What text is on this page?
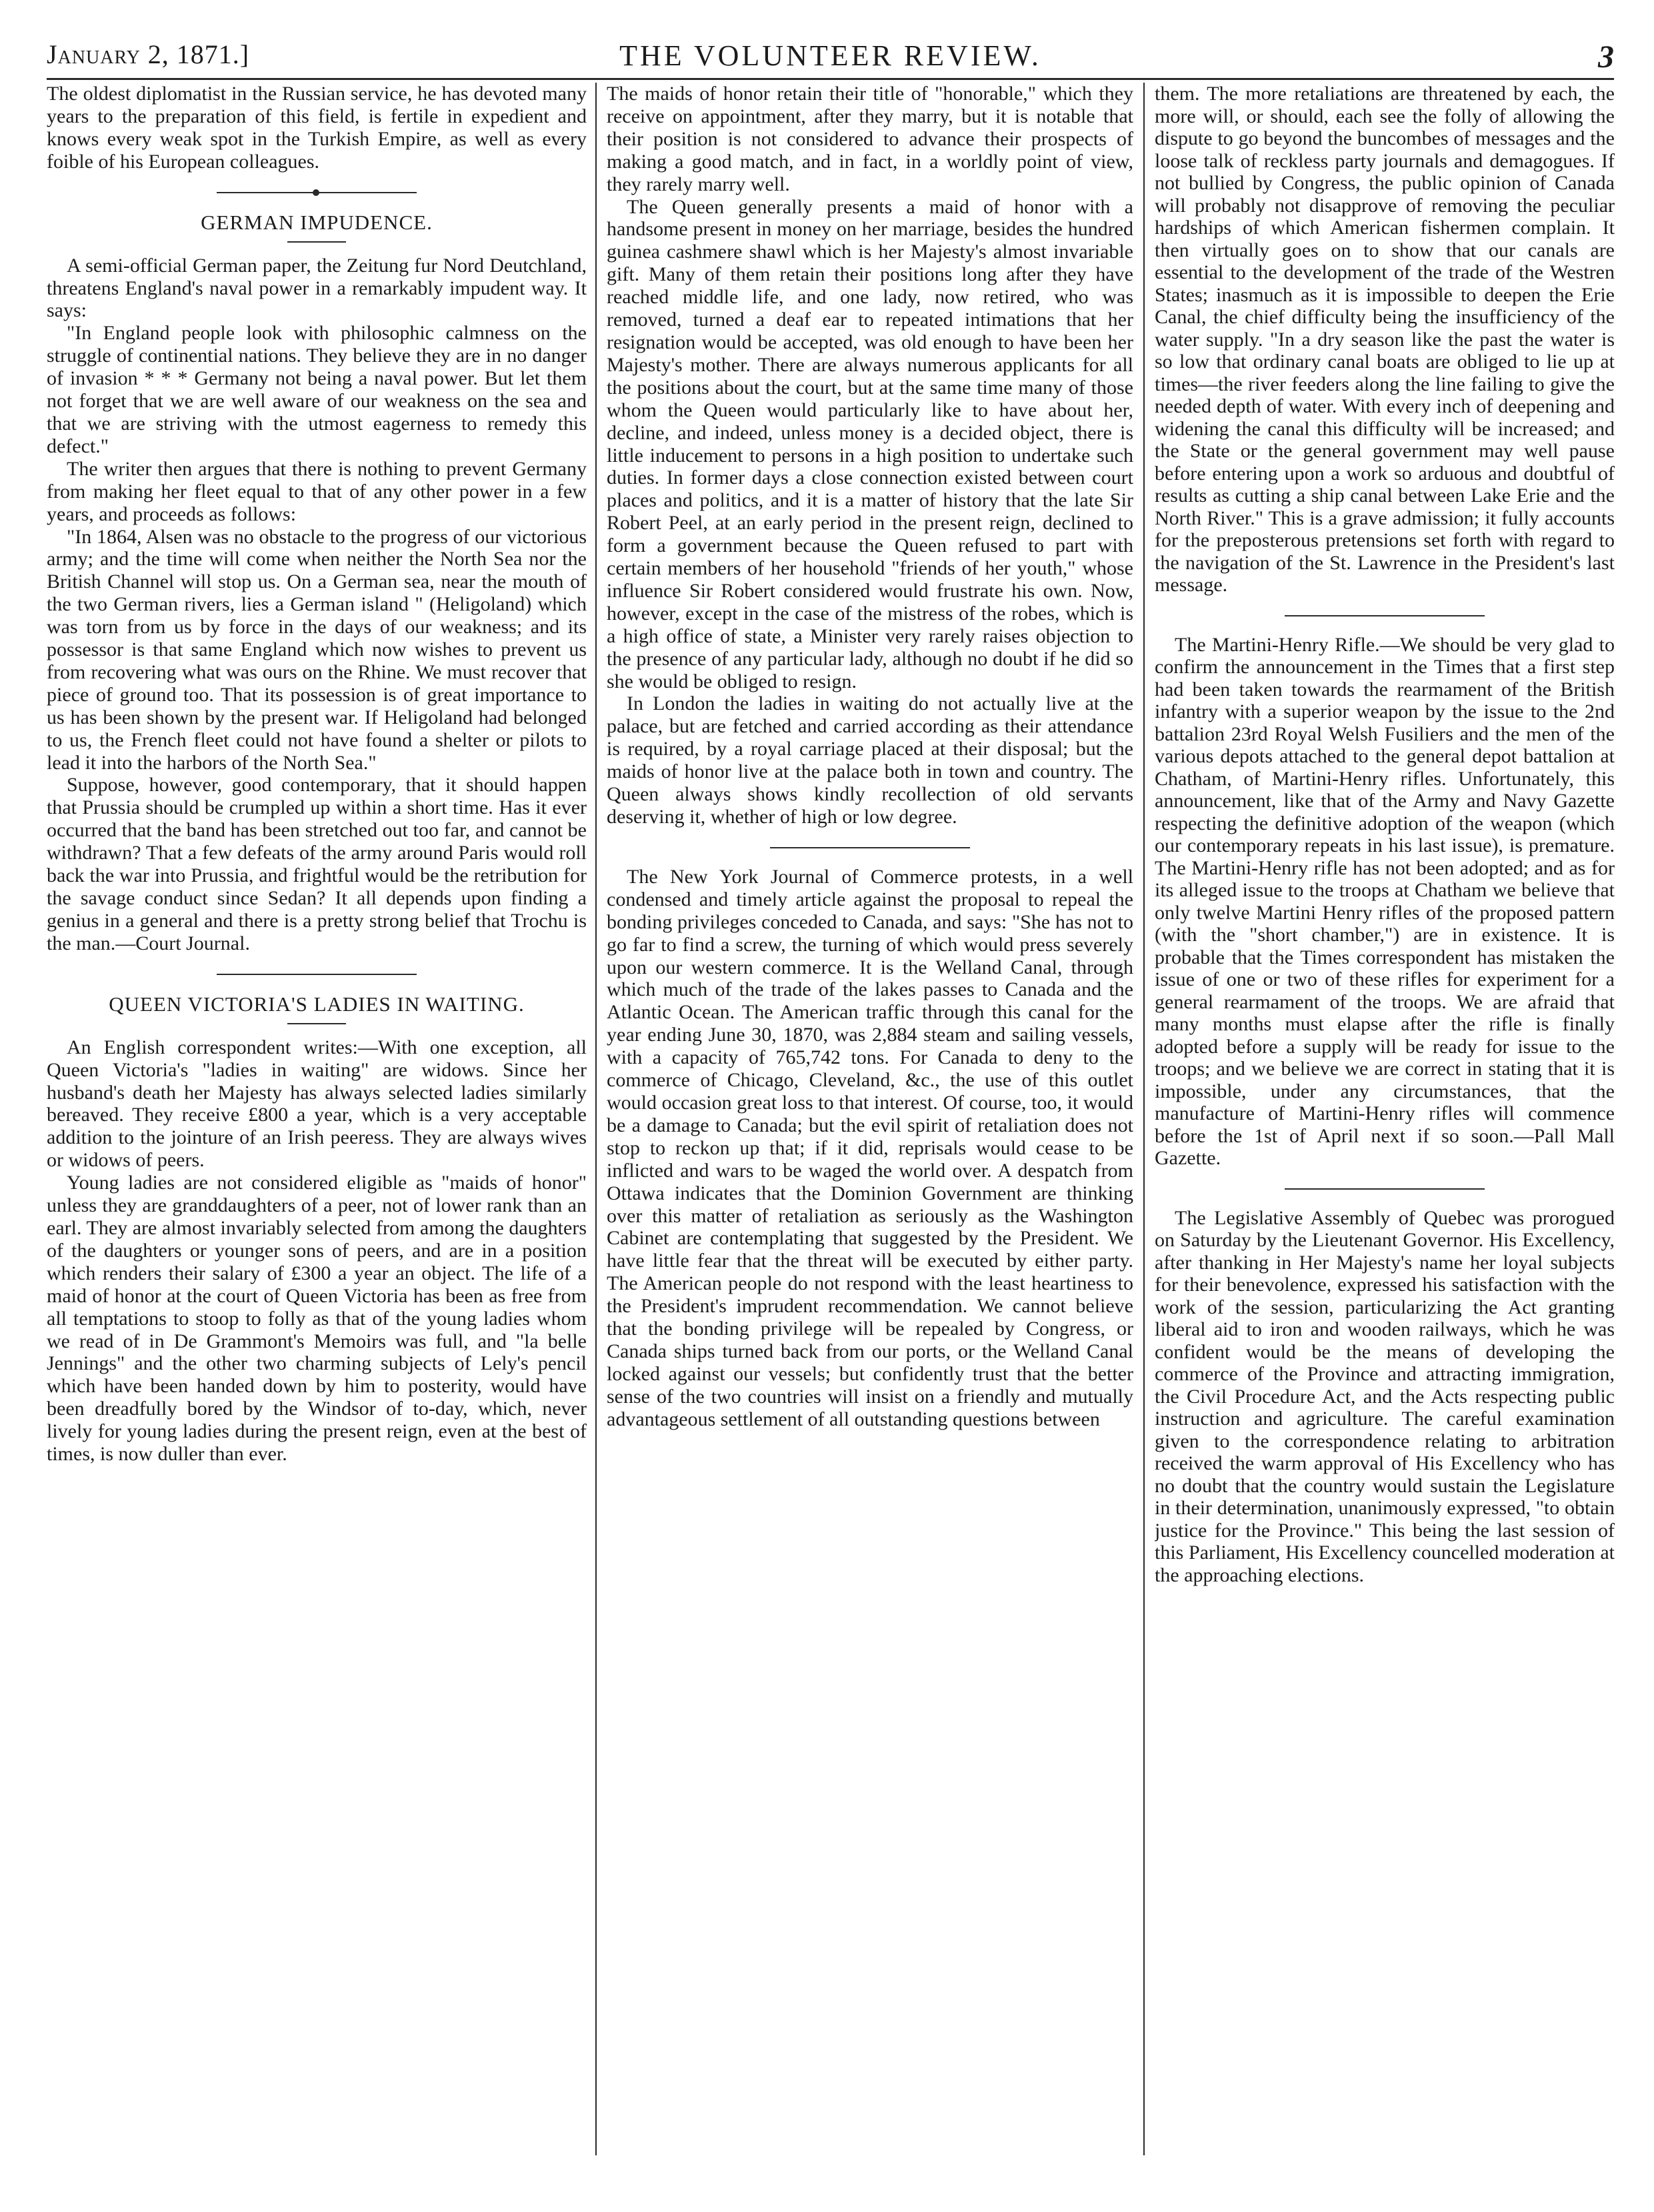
January 2, 1871.]	THE VOLUNTEER REVIEW.	3

The oldest diplomatist in the Russian service, he has devoted many years to the preparation of this field, is fertile in expedient and knows every weak spot in the Turkish Empire, as well as every foible of his European colleagues.

GERMAN IMPUDENCE.

A semi-official German paper, the Zeitung fur Nord Deutchland, threatens England's naval power in a remarkably impudent way. It says:

"In England people look with philosophic calmness on the struggle of continential nations. They believe they are in no danger of invasion * * * Germany not being a naval power. But let them not forget that we are well aware of our weakness on the sea and that we are striving with the utmost eagerness to remedy this defect."

The writer then argues that there is nothing to prevent Germany from making her fleet equal to that of any other power in a few years, and proceeds as follows:

"In 1864, Alsen was no obstacle to the progress of our victorious army; and the time will come when neither the North Sea nor the British Channel will stop us. On a German sea, near the mouth of the two German rivers, lies a German island " (Heligoland) which was torn from us by force in the days of our weakness; and its possessor is that same England which now wishes to prevent us from recovering what was ours on the Rhine. We must recover that piece of ground too. That its possession is of great importance to us has been shown by the present war. If Heligoland had belonged to us, the French fleet could not have found a shelter or pilots to lead it into the harbors of the North Sea."

Suppose, however, good contemporary, that it should happen that Prussia should be crumpled up within a short time. Has it ever occurred that the band has been stretched out too far, and cannot be withdrawn? That a few defeats of the army around Paris would roll back the war into Prussia, and frightful would be the retribution for the savage conduct since Sedan? It all depends upon finding a genius in a general and there is a pretty strong belief that Trochu is the man.—Court Journal.

QUEEN VICTORIA'S LADIES IN WAITING.

An English correspondent writes:—With one exception, all Queen Victoria's "ladies in waiting" are widows. Since her husband's death her Majesty has always selected ladies similarly bereaved. They receive £800 a year, which is a very acceptable addition to the jointure of an Irish peeress. They are always wives or widows of peers.

Young ladies are not considered eligible as "maids of honor" unless they are granddaughters of a peer, not of lower rank than an earl. They are almost invariably selected from among the daughters of the daughters or younger sons of peers, and are in a position which renders their salary of £300 a year an object. The life of a maid of honor at the court of Queen Victoria has been as free from all temptations to stoop to folly as that of the young ladies whom we read of in De Grammont's Memoirs was full, and "la belle Jennings" and the other two charming subjects of Lely's pencil which have been handed down by him to posterity, would have been dreadfully bored by the Windsor of to-day, which, never lively for young ladies during the present reign, even at the best of times, is now duller than ever.

The maids of honor retain their title of "honorable," which they receive on appointment, after they marry, but it is notable that their position is not considered to advance their prospects of making a good match, and in fact, in a worldly point of view, they rarely marry well.

The Queen generally presents a maid of honor with a handsome present in money on her marriage, besides the hundred guinea cashmere shawl which is her Majesty's almost invariable gift. Many of them retain their positions long after they have reached middle life, and one lady, now retired, who was removed, turned a deaf ear to repeated intimations that her resignation would be accepted, was old enough to have been her Majesty's mother. There are always numerous applicants for all the positions about the court, but at the same time many of those whom the Queen would particularly like to have about her, decline, and indeed, unless money is a decided object, there is little inducement to persons in a high position to undertake such duties. In former days a close connection existed between court places and politics, and it is a matter of history that the late Sir Robert Peel, at an early period in the present reign, declined to form a government because the Queen refused to part with certain members of her household "friends of her youth," whose influence Sir Robert considered would frustrate his own. Now, however, except in the case of the mistress of the robes, which is a high office of state, a Minister very rarely raises objection to the presence of any particular lady, although no doubt if he did so she would be obliged to resign.

In London the ladies in waiting do not actually live at the palace, but are fetched and carried according as their attendance is required, by a royal carriage placed at their disposal; but the maids of honor live at the palace both in town and country. The Queen always shows kindly recollection of old servants deserving it, whether of high or low degree.

The New York Journal of Commerce protests, in a well condensed and timely article against the proposal to repeal the bonding privileges conceded to Canada, and says: "She has not to go far to find a screw, the turning of which would press severely upon our western commerce. It is the Welland Canal, through which much of the trade of the lakes passes to Canada and the Atlantic Ocean. The American traffic through this canal for the year ending June 30, 1870, was 2,884 steam and sailing vessels, with a capacity of 765,742 tons. For Canada to deny to the commerce of Chicago, Cleveland, &c., the use of this outlet would occasion great loss to that interest. Of course, too, it would be a damage to Canada; but the evil spirit of retaliation does not stop to reckon up that; if it did, reprisals would cease to be inflicted and wars to be waged the world over. A despatch from Ottawa indicates that the Dominion Government are thinking over this matter of retaliation as seriously as the Washington Cabinet are contemplating that suggested by the President. We have little fear that the threat will be executed by either party. The American people do not respond with the least heartiness to the President's imprudent recommendation. We cannot believe that the bonding privilege will be repealed by Congress, or Canada ships turned back from our ports, or the Welland Canal locked against our vessels; but confidently trust that the better sense of the two countries will insist on a friendly and mutually advantageous settlement of all outstanding questions between

them. The more retaliations are threatened by each, the more will, or should, each see the folly of allowing the dispute to go beyond the buncombes of messages and the loose talk of reckless party journals and demagogues. If not bullied by Congress, the public opinion of Canada will probably not disapprove of removing the peculiar hardships of which American fishermen complain. It then virtually goes on to show that our canals are essential to the development of the trade of the Westren States; inasmuch as it is impossible to deepen the Erie Canal, the chief difficulty being the insufficiency of the water supply. "In a dry season like the past the water is so low that ordinary canal boats are obliged to lie up at times—the river feeders along the line failing to give the needed depth of water. With every inch of deepening and widening the canal this difficulty will be increased; and the State or the general government may well pause before entering upon a work so arduous and doubtful of results as cutting a ship canal between Lake Erie and the North River." This is a grave admission; it fully accounts for the preposterous pretensions set forth with regard to the navigation of the St. Lawrence in the President's last message.

The Martini-Henry Rifle.—We should be very glad to confirm the announcement in the Times that a first step had been taken towards the rearmament of the British infantry with a superior weapon by the issue to the 2nd battalion 23rd Royal Welsh Fusiliers and the men of the various depots attached to the general depot battalion at Chatham, of Martini-Henry rifles. Unfortunately, this announcement, like that of the Army and Navy Gazette respecting the definitive adoption of the weapon (which our contemporary repeats in his last issue), is premature. The Martini-Henry rifle has not been adopted; and as for its alleged issue to the troops at Chatham we believe that only twelve Martini Henry rifles of the proposed pattern (with the "short chamber,") are in existence. It is probable that the Times correspondent has mistaken the issue of one or two of these rifles for experiment for a general rearmament of the troops. We are afraid that many months must elapse after the rifle is finally adopted before a supply will be ready for issue to the troops; and we believe we are correct in stating that it is impossible, under any circumstances, that the manufacture of Martini-Henry rifles will commence before the 1st of April next if so soon.—Pall Mall Gazette.

The Legislative Assembly of Quebec was prorogued on Saturday by the Lieutenant Governor. His Excellency, after thanking in Her Majesty's name her loyal subjects for their benevolence, expressed his satisfaction with the work of the session, particularizing the Act granting liberal aid to iron and wooden railways, which he was confident would be the means of developing the commerce of the Province and attracting immigration, the Civil Procedure Act, and the Acts respecting public instruction and agriculture. The careful examination given to the correspondence relating to arbitration received the warm approval of His Excellency who has no doubt that the country would sustain the Legislature in their determination, unanimously expressed, "to obtain justice for the Province." This being the last session of this Parliament, His Excellency councelled moderation at the approaching elections.
